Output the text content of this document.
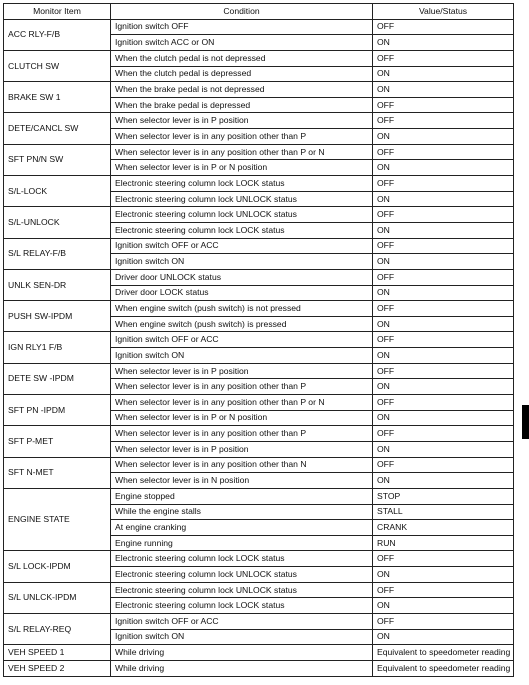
Monitor Item	Condition	Value/Status
ACC RLY-F/B	Ignition switch OFF	OFF
	Ignition switch ACC or ON	ON
CLUTCH SW	When the clutch pedal is not depressed	OFF
	When the clutch pedal is depressed	ON
BRAKE SW 1	When the brake pedal is not depressed	ON
	When the brake pedal is depressed	OFF
DETE/CANCL SW	When selector lever is in P position	OFF
	When selector lever is in any position other than P	ON
SFT PN/N SW	When selector lever is in any position other than P or N	OFF
	When selector lever is in P or N position	ON
S/L-LOCK	Electronic steering column lock LOCK status	OFF
	Electronic steering column lock UNLOCK status	ON
S/L-UNLOCK	Electronic steering column lock UNLOCK status	OFF
	Electronic steering column lock LOCK status	ON
S/L RELAY-F/B	Ignition switch OFF or ACC	OFF
	Ignition switch ON	ON
UNLK SEN-DR	Driver door UNLOCK status	OFF
	Driver door LOCK status	ON
PUSH SW-IPDM	When engine switch (push switch) is not pressed	OFF
	When engine switch (push switch) is pressed	ON
IGN RLY1 F/B	Ignition switch OFF or ACC	OFF
	Ignition switch ON	ON
DETE SW -IPDM	When selector lever is in P position	OFF
	When selector lever is in any position other than P	ON
SFT PN -IPDM	When selector lever is in any position other than P or N	OFF
	When selector lever is in P or N position	ON
SFT P-MET	When selector lever is in any position other than P	OFF
	When selector lever is in P position	ON
SFT N-MET	When selector lever is in any position other than N	OFF
	When selector lever is in N position	ON
ENGINE STATE	Engine stopped	STOP
	While the engine stalls	STALL
	At engine cranking	CRANK
	Engine running	RUN
S/L LOCK-IPDM	Electronic steering column lock LOCK status	OFF
	Electronic steering column lock UNLOCK status	ON
S/L UNLCK-IPDM	Electronic steering column lock UNLOCK status	OFF
	Electronic steering column lock LOCK status	ON
S/L RELAY-REQ	Ignition switch OFF or ACC	OFF
	Ignition switch ON	ON
VEH SPEED 1	While driving	Equivalent to speedometer reading
VEH SPEED 2	While driving	Equivalent to speedometer reading
